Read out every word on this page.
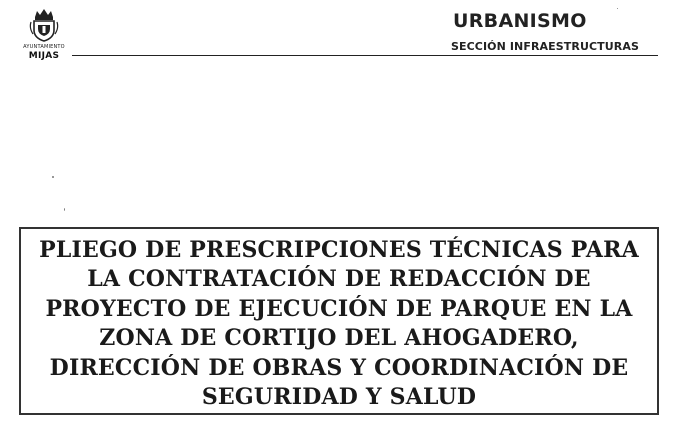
AYUNTAMIENTO
MIJAS
URBANISMO
SECCIÓN INFRAESTRUCTURAS
PLIEGO DE PRESCRIPCIONES TÉCNICAS PARA
LA CONTRATACIÓN DE REDACCIÓN DE
PROYECTO DE EJECUCIÓN DE PARQUE EN LA
ZONA DE CORTIJO DEL AHOGADERO,
DIRECCIÓN DE OBRAS Y COORDINACIÓN DE
SEGURIDAD Y SALUD
